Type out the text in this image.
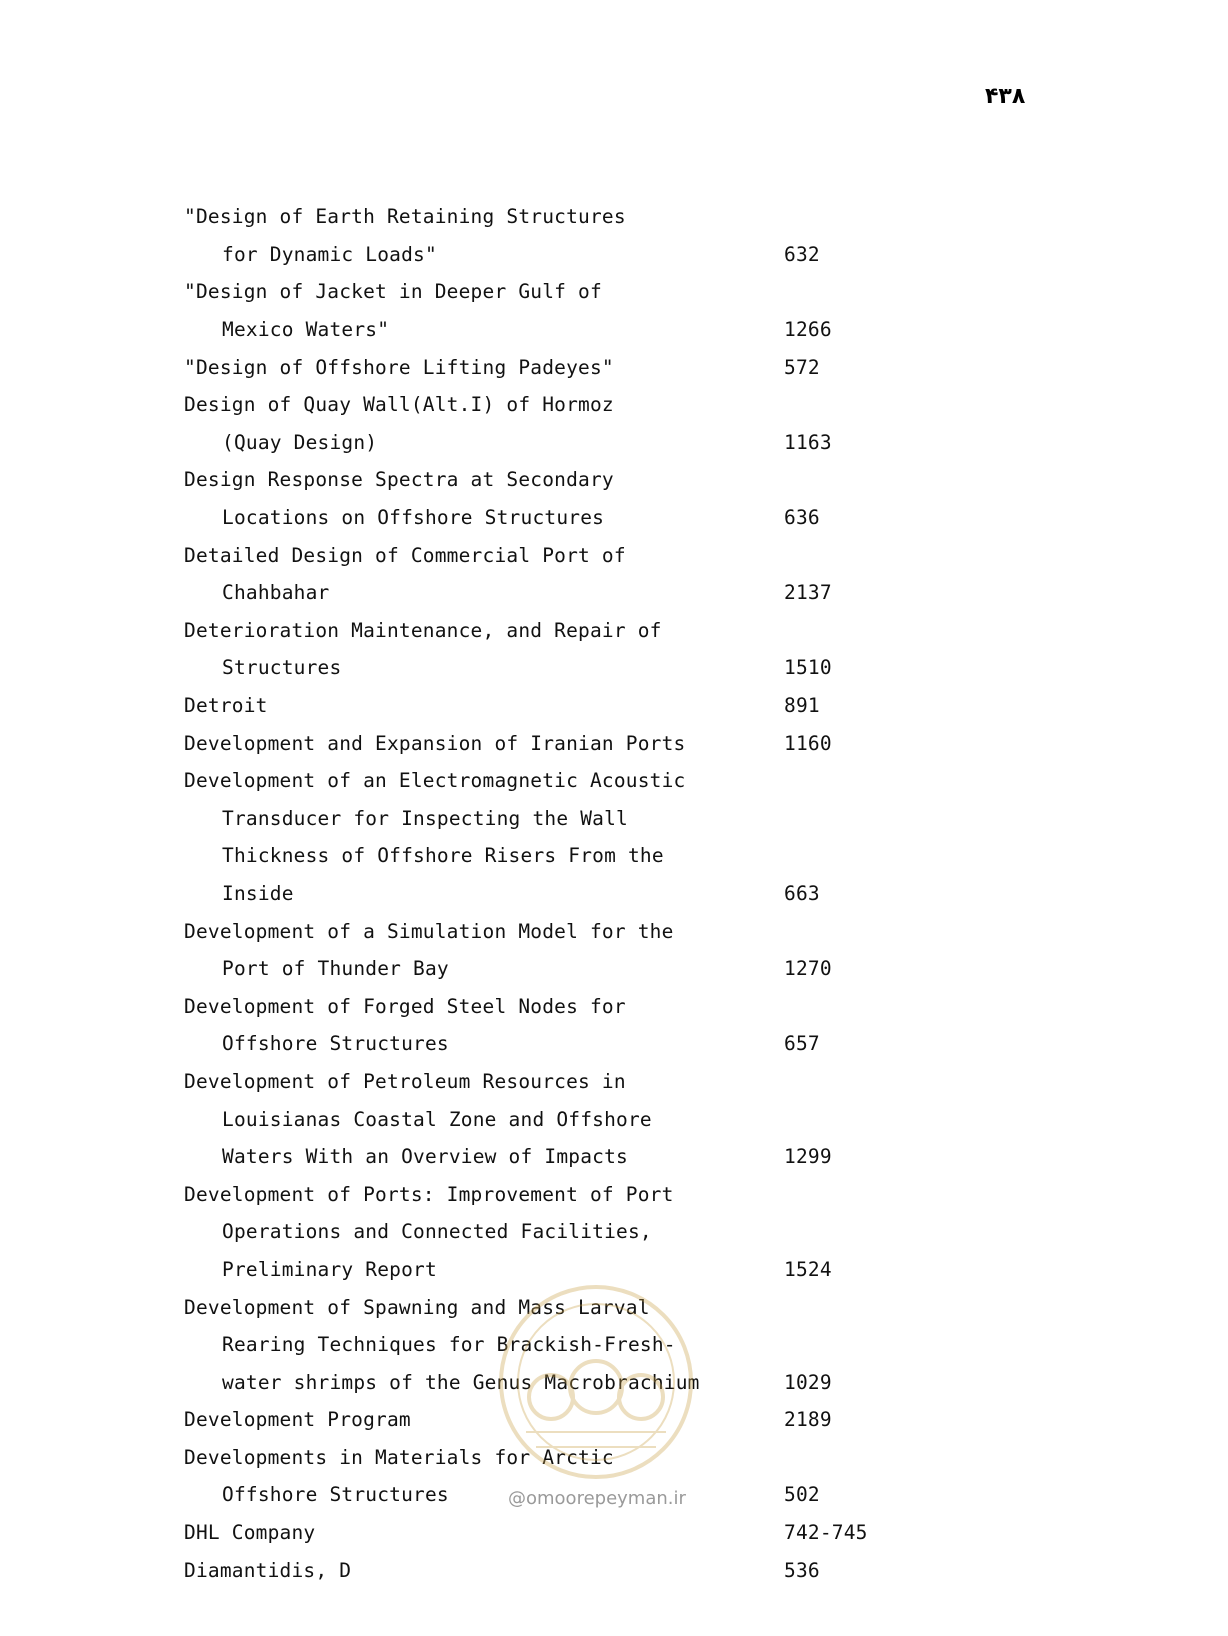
۴۳۸
"Design of Earth Retaining Structures
for Dynamic Loads"	632
"Design of Jacket in Deeper Gulf of
Mexico Waters"	1266
"Design of Offshore Lifting Padeyes"	572
Design of Quay Wall(Alt.I) of Hormoz
(Quay Design)	1163
Design Response Spectra at Secondary
Locations on Offshore Structures	636
Detailed Design of Commercial Port of
Chahbahar	2137
Deterioration Maintenance, and Repair of
Structures	1510
Detroit	891
Development and Expansion of Iranian Ports	1160
Development of an Electromagnetic Acoustic
Transducer for Inspecting the Wall
Thickness of Offshore Risers From the
Inside	663
Development of a Simulation Model for the
Port of Thunder Bay	1270
Development of Forged Steel Nodes for
Offshore Structures	657
Development of Petroleum Resources in
Louisianas Coastal Zone and Offshore
Waters With an Overview of Impacts	1299
Development of Ports: Improvement of Port
Operations and Connected Facilities,
Preliminary Report	1524
Development of Spawning and Mass Larval
Rearing Techniques for Brackish-Fresh-
water shrimps of the Genus Macrobrachium	1029
Development Program	2189
Developments in Materials for Arctic
Offshore Structures	502
DHL Company	742-745
Diamantidis, D	536
@omoorepeyman.ir
